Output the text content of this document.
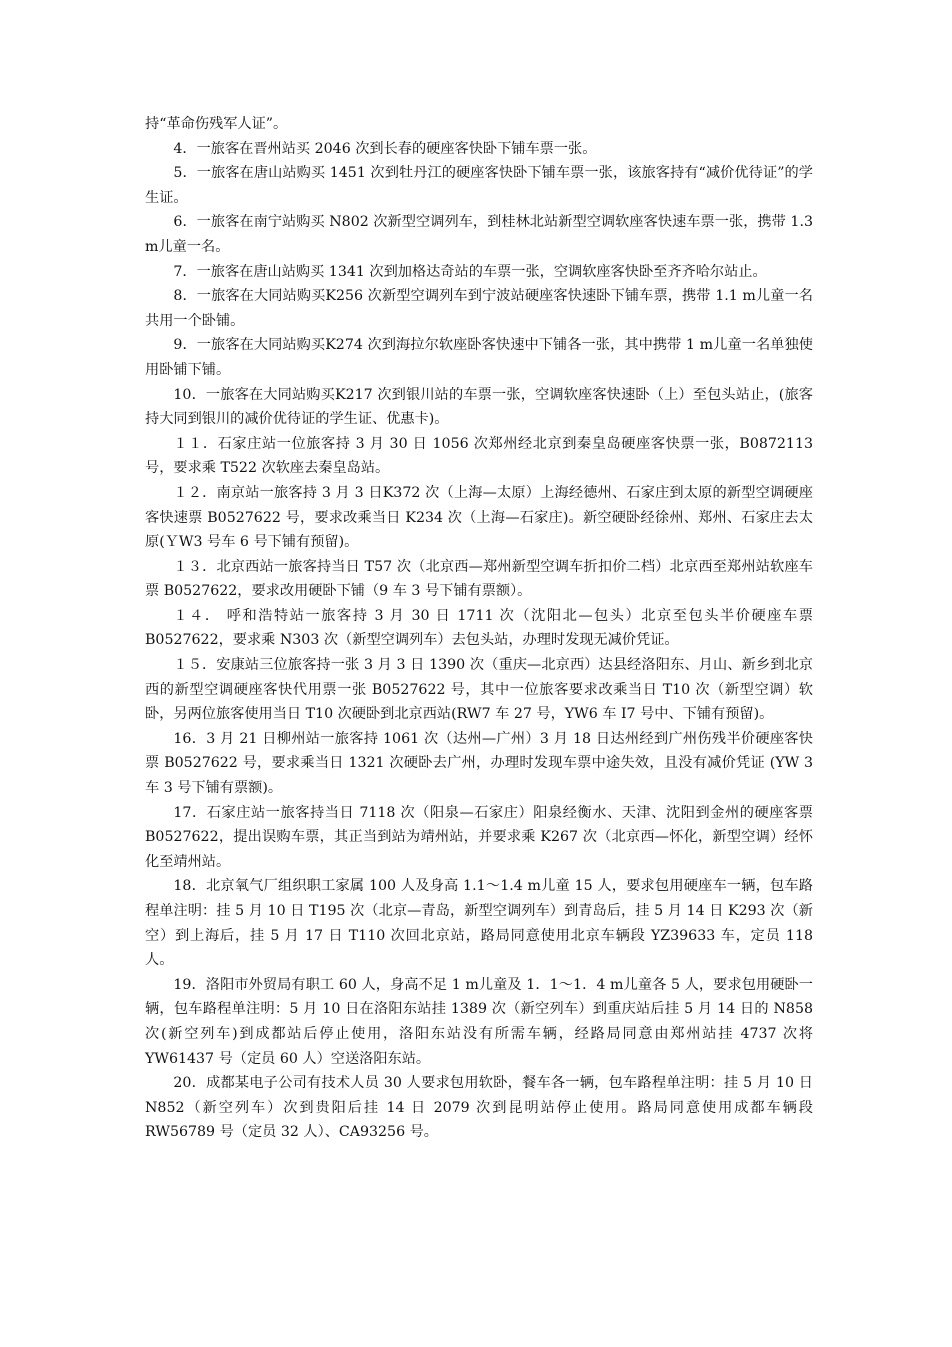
持“革命伤残军人证”。

4．一旅客在晋州站买 2046 次到长春的硬座客快卧下铺车票一张。

5．一旅客在唐山站购买 1451 次到牡丹江的硬座客快卧下铺车票一张，该旅客持有“减价优待证”的学生证。

6．一旅客在南宁站购买 N802 次新型空调列车，到桂林北站新型空调软座客快速车票一张，携带 1.3 m儿童一名。

7．一旅客在唐山站购买 1341 次到加格达奇站的车票一张，空调软座客快卧至齐齐哈尔站止。

8．一旅客在大同站购买K256 次新型空调列车到宁波站硬座客快速卧下铺车票，携带 1.1 m儿童一名共用一个卧铺。

9．一旅客在大同站购买K274 次到海拉尔软座卧客快速中下铺各一张，其中携带 1 m儿童一名单独使用卧铺下铺。

10．一旅客在大同站购买K217 次到银川站的车票一张，空调软座客快速卧（上）至包头站止，(旅客持大同到银川的减价优待证的学生证、优惠卡)。

１１．石家庄站一位旅客持 3 月 30 日 1056 次郑州经北京到秦皇岛硬座客快票一张，B0872113 号，要求乘 T522 次软座去秦皇岛站。

１２．南京站一旅客持 3 月 3 日K372 次（上海—太原）上海经德州、石家庄到太原的新型空调硬座客快速票 B0527622 号，要求改乘当日 K234 次（上海—石家庄)。新空硬卧经徐州、郑州、石家庄去太原(ＹW3 号车 6 号下铺有预留)。

１３．北京西站一旅客持当日 T57 次（北京西—郑州新型空调车折扣价二档）北京西至郑州站软座车票 B0527622，要求改用硬卧下铺（9 车 3 号下铺有票额）。

１４． 呼和浩特站一旅客持 3 月 30 日 1711 次（沈阳北—包头）北京至包头半价硬座车票 B0527622，要求乘 N303 次（新型空调列车）去包头站，办理时发现无减价凭证。

１５．安康站三位旅客持一张 3 月 3 日 1390 次（重庆—北京西）达县经洛阳东、月山、新乡到北京西的新型空调硬座客快代用票一张 B0527622 号，其中一位旅客要求改乘当日 T10 次（新型空调）软卧，另两位旅客使用当日 T10 次硬卧到北京西站(RW7 车 27 号，YW6 车 I7 号中、下铺有预留)。

16．3 月 21 日柳州站一旅客持 1061 次（达州—广州）3 月 18 日达州经到广州伤残半价硬座客快票 B0527622 号，要求乘当日 1321 次硬卧去广州，办理时发现车票中途失效，且没有减价凭证 (YW 3 车 3 号下铺有票额)。

17．石家庄站一旅客持当日 7118 次（阳泉—石家庄）阳泉经衡水、天津、沈阳到金州的硬座客票 B0527622，提出误购车票，其正当到站为靖州站，并要求乘 K267 次（北京西—怀化，新型空调）经怀化至靖州站。

18．北京氧气厂组织职工家属 100 人及身高 1.1～1.4 m儿童 15 人，要求包用硬座车一辆，包车路程单注明：挂 5 月 10 日 T195 次（北京—青岛，新型空调列车）到青岛后，挂 5 月 14 日 K293 次（新空）到上海后，挂 5 月 17 日 T110 次回北京站，路局同意使用北京车辆段 YZ39633 车，定员 118 人。

19．洛阳市外贸局有职工 60 人，身高不足 1 m儿童及 1．1～1．4 m儿童各 5 人，要求包用硬卧一辆，包车路程单注明：5 月 10 日在洛阳东站挂 1389 次（新空列车）到重庆站后挂 5 月 14 日的 N858 次(新空列车)到成都站后停止使用，洛阳东站没有所需车辆，经路局同意由郑州站挂 4737 次将 YW61437 号（定员 60 人）空送洛阳东站。

20．成都某电子公司有技术人员 30 人要求包用软卧，餐车各一辆，包车路程单注明：挂 5 月 10 日 N852（新空列车）次到贵阳后挂 14 日 2079 次到昆明站停止使用。路局同意使用成都车辆段 RW56789 号（定员 32 人）、CA93256 号。
